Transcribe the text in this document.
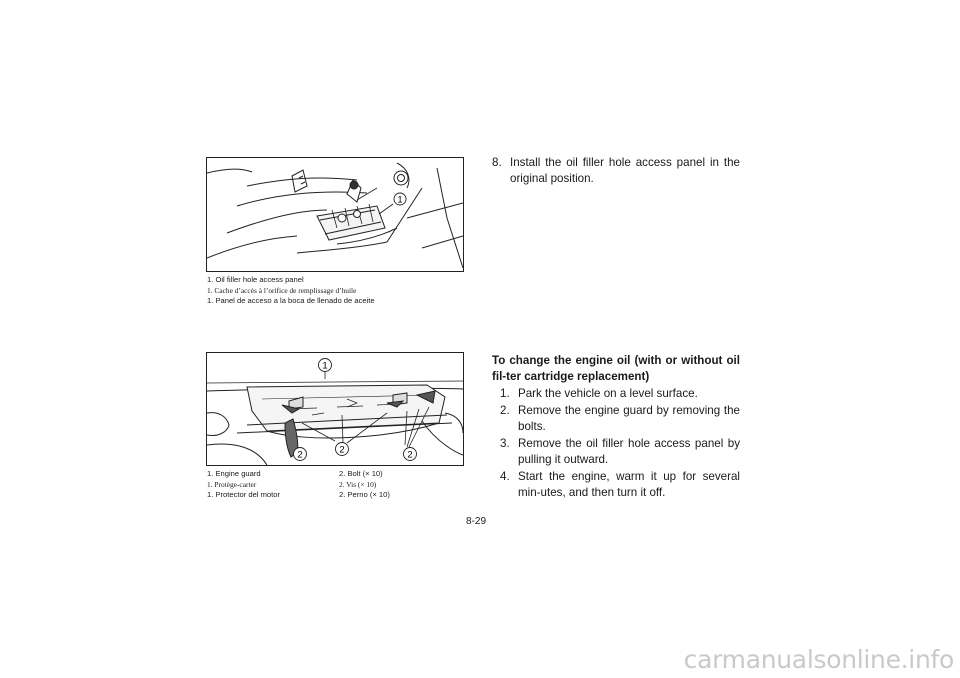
1
1. Oil filler hole access panel
1. Cache d’accès à l’orifice de remplissage d’huile
1. Panel de acceso a la boca de llenado de aceite
1
2	2	2
1. Engine guard	2. Bolt (× 10)
1. Protège-carter	2. Vis (× 10)
1. Protector del motor	2. Perno (× 10)
8. Install the oil filler hole access panel in the original position.
To change the engine oil (with or without oil fil-ter cartridge replacement)
1. Park the vehicle on a level surface.
2. Remove the engine guard by removing the bolts.
3. Remove the oil filler hole access panel by pulling it outward.
4. Start the engine, warm it up for several min-utes, and then turn it off.
8-29
carmanualsonline.info
